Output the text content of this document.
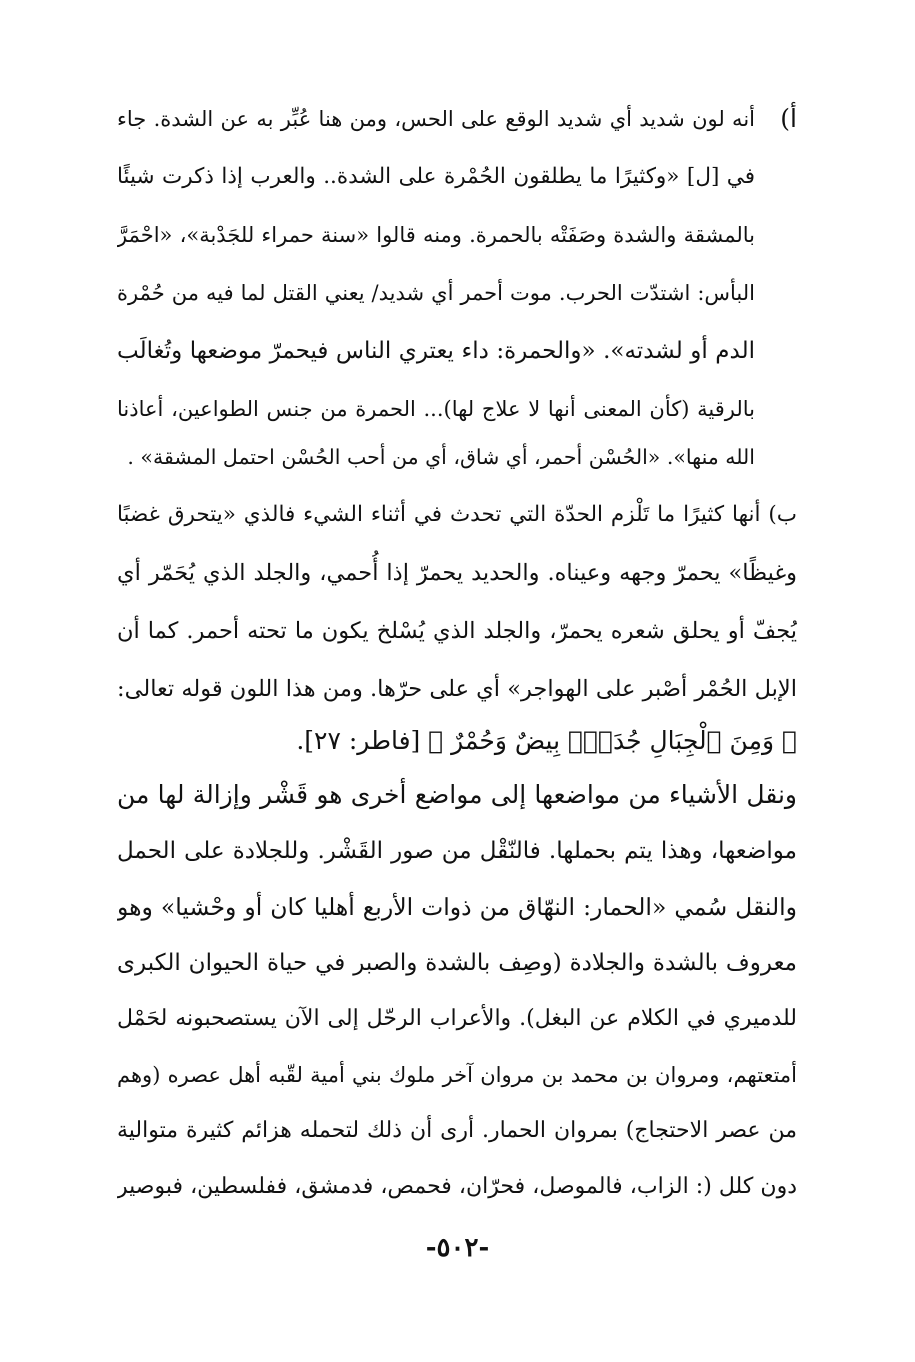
أ)
أنه لون شديد أي شديد الوقع على الحس، ومن هنا عُبِّر به عن الشدة. جاء
في [ل] «وكثيرًا ما يطلقون الحُمْرة على الشدة.. والعرب إذا ذكرت شيئًا
بالمشقة والشدة وصَفَتْه بالحمرة. ومنه قالوا «سنة حمراء للجَدْبة»، «احْمَرَّ
البأس: اشتدّت الحرب. موت أحمر أي شديد/ يعني القتل لما فيه من حُمْرة
الدم أو لشدته». «والحمرة: داء يعتري الناس فيحمرّ موضعها وتُغالَب
بالرقية (كأن المعنى أنها لا علاج لها)... الحمرة من جنس الطواعين، أعاذنا
الله منها». «الحُسْن أحمر، أي شاق، أي من أحب الحُسْن احتمل المشقة» .
ب) أنها كثيرًا ما تَلْزم الحدّة التي تحدث في أثناء الشيء فالذي «يتحرق غضبًا
وغيظًا» يحمرّ وجهه وعيناه. والحديد يحمرّ إذا أُحمي، والجلد الذي يُحَمّر أي
يُجفّ أو يحلق شعره يحمرّ، والجلد الذي يُسْلخ يكون ما تحته أحمر. كما أن
الإبل الحُمْر أصْبر على الهواجر» أي على حرّها. ومن هذا اللون قوله تعالى:
﴿ وَمِنَ ٱلْجِبَالِ جُدَدٌۢ بِيضٌ وَحُمْرٌ ﴾ [فاطر: ٢٧].
ونقل الأشياء من مواضعها إلى مواضع أخرى هو قَشْر وإزالة لها من
مواضعها، وهذا يتم بحملها. فالنّقْل من صور القَشْر. وللجلادة على الحمل
والنقل سُمي «الحمار: النهّاق من ذوات الأربع أهليا كان أو وحْشيا» وهو
معروف بالشدة والجلادة (وصِف بالشدة والصبر في حياة الحيوان الكبرى
للدميري في الكلام عن البغل). والأعراب الرحّل إلى الآن يستصحبونه لحَمْل
أمتعتهم، ومروان بن محمد بن مروان آخر ملوك بني أمية لقّبه أهل عصره (وهم
من عصر الاحتجاج) بمروان الحمار. أرى أن ذلك لتحمله هزائم كثيرة متوالية
دون كلل (: الزاب، فالموصل، فحرّان، فحمص، فدمشق، ففلسطين، فبوصير
-٥٠٢-
